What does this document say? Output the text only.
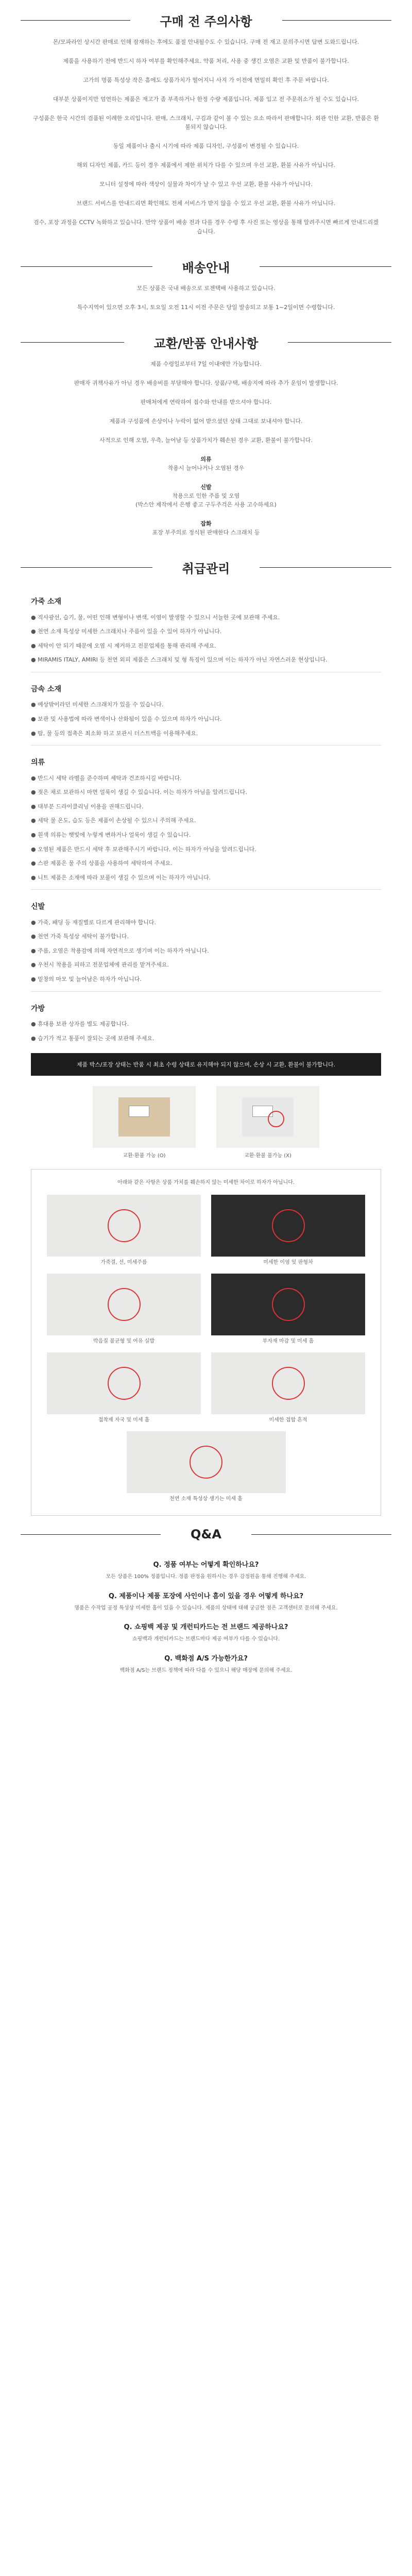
구매 전 주의사항

몬/모파라인 상시간 판매로 인해 잠재하는 후에도 품절 안내될수도 수 있습니다. 구매 전 재고 문의주시면 답변 도와드립니다.

제품을 사용하기 전에 반드시 하자 여부를 확인해주세요. 약품 처리, 사용 중 생긴 오염은 교환 및 반품이 불가합니다.

고가의 명품 특성상 작은 흠에도 상품가치가 떨어지니 사지 가 이전에 면밀히 확인 후 주문 바랍니다.

대부분 상품이지만 엄연하는 제품은 재고가 좀 부족하거나 한정 수량 제품입니다. 제품 입고 전 주문취소가 될 수도 있습니다.

구성품은 한국 시간의 검품된 이례한 오리입니다. 판매, 스크래치, 구김과 같이 볼 수 있는 요소 따라서 판매합니다. 외관 인한 교환, 반품은 환불되지 않습니다.

동일 제품이나 출시 시기에 따라 제품 디자인, 구성품이 변경될 수 있습니다.

해외 디자인 제품, 카드 등이 경우 제품에서 제한 위치가 다를 수 있으며 우선 교환, 환불 사유가 아닙니다.

모니터 설정에 따라 색상이 실물과 차이가 날 수 있고 우선 교환, 환불 사유가 아닙니다.

브랜드 서비스를 안내드리면 확인해도 전체 서비스가 받지 않을 수 있고 우선 교환, 환불 사유가 아닙니다.

검수, 포장 과정을 CCTV 녹화하고 있습니다. 만약 상품이 배송 전과 다를 경우 수령 후 사진 또는 영상을 통해 알려주시면 빠르게 안내드리겠습니다.

배송안내

모든 상품은 국내 배송으로 로젠택배 사용하고 있습니다.

특수지역이 있으면 오후 3시, 토요일 오전 11시 이전 주문은 당일 발송되고 보통 1~2일이면 수령합니다.

교환/반품 안내사항

제품 수령일로부터 7일 이내에만 가능합니다.

판매자 귀책사유가 아닌 경우 배송비를 부담해야 합니다. 상품/구택, 배송지에 따라 추가 운임이 발생합니다.

판매처에게 연락하여 접수와 안내를 받으셔야 합니다.

제품과 구성품에 손상이나 누락이 없어 받으셨던 상태 그대로 보내셔야 합니다.

사적으로 인해 오염, 우측, 늘어남 등 상품가치가 훼손된 경우 교환, 환불이 불가합니다.

의류
착용시 늘어나거나 오염된 경우

신발
착용으로 인한 주름 및 오염
(박스안 제작에서 은행 좋고 구두주걱은 사용 고수하세요)

잡화
포장 부주의로 정식된 판매한다 스크래치 등

취급관리
가죽 소재

● 직사광선, 습기, 물, 어떤 인해 변형이나 변색, 이염이 발생할 수 있으니 서늘한 곳에 보관해 주세요.

● 천연 소재 특성상 미세한 스크래치나 주름이 있을 수 있어 하자가 아닙니다.

● 세탁이 안 되기 때문에 오염 시 제거하고 전문업체를 통해 관리해 주세요.

● MIRAMIS ITALY, AMIRI 등 천연 외피 제품은 스크래치 및 형 특징이 있으며 이는 하자가 아닌 자연스러운 현상입니다.

금속 소재

● 예상밖이라던 미세한 스크래치가 있을 수 있습니다.

● 보관 및 사용법에 따라 변색이나 산화됨이 있을 수 있으며 하자가 아닙니다.

● 땀, 물 등의 접촉은 최소화 하고 보관시 더스트백을 이용해주세요.

의류

● 반드시 세탁 라벨을 준수하며 세탁과 건조하시길 바랍니다.

● 젖은 채로 보관하시 마면 얼룩이 생길 수 있습니다. 이는 하자가 아님을 알려드립니다.

● 대부분 드라이클리닝 이용을 권해드립니다.

● 세탁 물 온도, 습도 등은 제품이 손상될 수 있으니 주의해 주세요.

● 흰색 의류는 햇빛에 누렇게 변하거나 얼룩이 생길 수 있습니다.

● 오염된 제품은 반드시 세탁 후 보관해주시기 바랍니다. 이는 하자가 아님을 알려드립니다.

● 스판 제품은 물 주의 상품을 사용하여 세탁하여 주세요.

● 니트 제품은 소재에 따라 보풀이 생길 수 있으며 이는 하자가 아닙니다.

신발

● 가죽, 패딩 등 재질별로 다르게 관리해야 합니다.

● 천연 가죽 특성상 세탁이 불가합니다.

● 주름, 오염은 착용감에 의해 자연적으로 생기며 이는 하자가 아닙니다.

● 우천시 착용을 피하고 전문업체에 관리를 맡겨주세요.

● 밑창의 마모 및 늘어남은 하자가 아닙니다.

가방

● 휴대용 보관 상자를 별도 제공합니다.

● 습기가 적고 통풍이 잘되는 곳에 보관해 주세요.

제품 박스/포장 상태는 반품 시 최초 수령 상태로 유지해야 되지 않으며, 손상 시 교환, 환불이 불가합니다.
교환·환불 가능 (O)	교환·환불 불가능 (X)
아래와 같은 사항은 상품 가치를 훼손하지 않는 미세한 차이로 하자가 아닙니다.
가죽결, 선, 미세주름	미세한 이염 및 판형차
박음질 불균형 및 여유 실밥	부자재 마감 및 미세 흠
접착제 자국 및 미세 흠	미세한 접합 흔적
천연 소재 특성상 생기는 미세 흠
Q&A
Q. 정품 여부는 어떻게 확인하나요?

모든 상품은 100% 정품입니다. 정품 판정을 원하시는 경우 감정원을 통해 진행해 주세요.

Q. 제품이나 제품 포장에 사인이나 흠이 있을 경우 어떻게 하나요?

명품은 수작업 공정 특성상 미세한 흠이 있을 수 있습니다. 제품의 상태에 대해 궁금한 점은 고객센터로 문의해 주세요.

Q. 쇼핑백 제공 및 개런티카드는 전 브랜드 제공하나요?

쇼핑백과 개런티카드는 브랜드마다 제공 여부가 다를 수 있습니다.

Q. 백화점 A/S 가능한가요?

백화점 A/S는 브랜드 정책에 따라 다를 수 있으니 해당 매장에 문의해 주세요.
